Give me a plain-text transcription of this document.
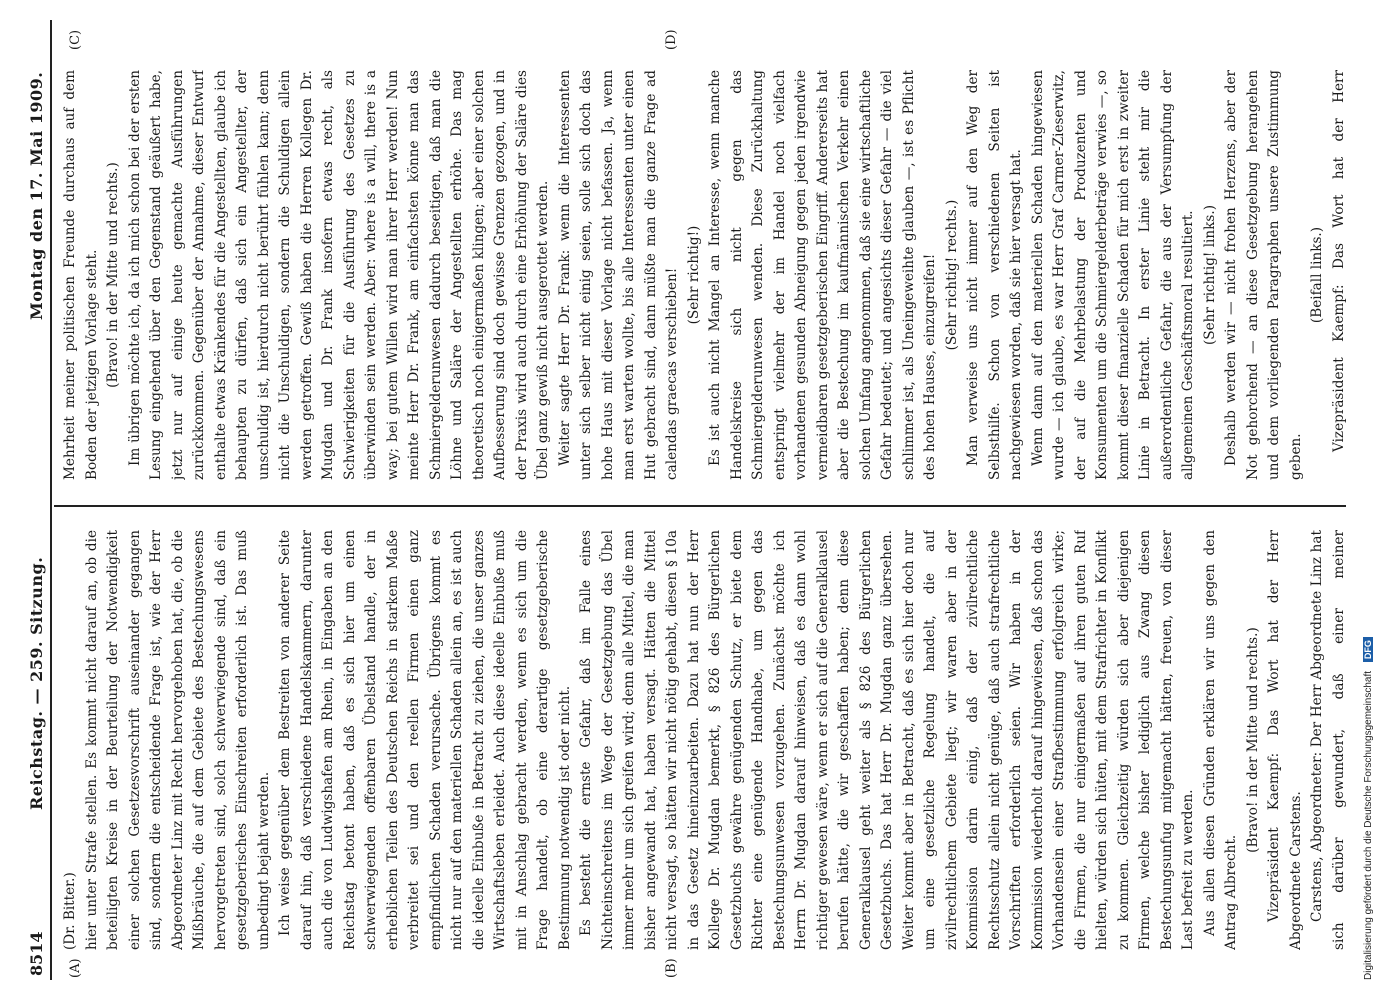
8514
Reichstag. — 259. Sitzung.
Montag den 17. Mai 1909.
(A)	(B)
(C)	(D)

(Dr. Bitter.) hier unter Strafe stellen. Es kommt nicht darauf an, ob die beteiligten Kreise in der Beurteilung der Notwendigkeit einer solchen Gesetzesvorschrift auseinander gegangen sind, sondern die entscheidende Frage ist, wie der Herr Abgeordneter Linz mit Recht hervorgehoben hat, die, ob die Mißbräuche, die auf dem Gebiete des Bestechungswesens hervorgetreten sind, solch schwerwiegende sind, daß ein gesetzgeberisches Einschreiten erforderlich ist. Das muß unbedingt bejaht werden. Ich weise gegenüber dem Bestreiten von anderer Seite darauf hin, daß verschiedene Handelskammern, darunter auch die von Ludwigshafen am Rhein, in Eingaben an den Reichstag betont haben, daß es sich hier um einen schwerwiegenden offenbaren Übelstand handle, der in erheblichen Teilen des Deutschen Reichs in starkem Maße verbreitet sei und den reellen Firmen einen ganz empfindlichen Schaden verursache. Übrigens kommt es nicht nur auf den materiellen Schaden allein an, es ist auch die ideelle Einbuße in Betracht zu ziehen, die unser ganzes Wirtschaftsleben erleidet. Auch diese ideelle Einbuße muß mit in Anschlag gebracht werden, wenn es sich um die Frage handelt, ob eine derartige gesetzgeberische Bestimmung notwendig ist oder nicht. Es besteht die ernste Gefahr, daß im Falle eines Nichteinschreitens im Wege der Gesetzgebung das Übel immer mehr um sich greifen wird; denn alle Mittel, die man bisher angewandt hat, haben versagt. Hätten die Mittel nicht versagt, so hätten wir nicht nötig gehabt, diesen § 10a in das Gesetz hineinzuarbeiten. Dazu hat nun der Herr Kollege Dr. Mugdan bemerkt, § 826 des Bürgerlichen Gesetzbuchs gewähre genügenden Schutz, er biete dem Richter eine genügende Handhabe, um gegen das Bestechungsunwesen vorzugehen. Zunächst möchte ich Herrn Dr. Mugdan darauf hinweisen, daß es dann wohl richtiger gewesen wäre, wenn er sich auf die Generalklausel berufen hätte, die wir geschaffen haben; denn diese Generalklausel geht weiter als § 826 des Bürgerlichen Gesetzbuchs. Das hat Herr Dr. Mugdan ganz übersehen. Weiter kommt aber in Betracht, daß es sich hier doch nur um eine gesetzliche Regelung handelt, die auf zivilrechtlichem Gebiete liegt; wir waren aber in der Kommission darin einig, daß der zivilrechtliche Rechtsschutz allein nicht genüge, daß auch strafrechtliche Vorschriften erforderlich seien. Wir haben in der Kommission wiederholt darauf hingewiesen, daß schon das Vorhandensein einer Strafbestimmung erfolgreich wirke; die Firmen, die nur einigermaßen auf ihren guten Ruf hielten, würden sich hüten, mit dem Strafrichter in Konflikt zu kommen. Gleichzeitig würden sich aber diejenigen Firmen, welche bisher lediglich aus Zwang diesen Bestechungsunfug mitgemacht hätten, freuen, von dieser Last befreit zu werden. Aus allen diesen Gründen erklären wir uns gegen den Antrag Albrecht.

(Bravo! in der Mitte und rechts.) Vizepräsident Kaempf: Das Wort hat der Herr Abgeordnete Carstens. Carstens, Abgeordneter: Der Herr Abgeordnete Linz hat sich darüber gewundert, daß einer meiner

Mehrheit meiner politischen Freunde durchaus auf dem Boden der jetzigen Vorlage steht. (Bravo! in der Mitte und rechts.) Im übrigen möchte ich, da ich mich schon bei der ersten Lesung eingehend über den Gegenstand geäußert habe, jetzt nur auf einige heute gemachte Ausführungen zurückkommen. Gegenüber der Annahme, dieser Entwurf enthalte etwas Kränkendes für die Angestellten, glaube ich behaupten zu dürfen, daß sich ein Angestellter, der unschuldig ist, hierdurch nicht berührt fühlen kann; denn nicht die Unschuldigen, sondern die Schuldigen allein werden getroffen. Gewiß haben die Herren Kollegen Dr. Mugdan und Dr. Frank insofern etwas recht, als Schwierigkeiten für die Ausführung des Gesetzes zu überwinden sein werden. Aber: where is a will, there is a way; bei gutem Willen wird man ihrer Herr werden! Nun meinte Herr Dr. Frank, am einfachsten könne man das Schmiergelderunwesen dadurch beseitigen, daß man die Löhne und Saläre der Angestellten erhöhe. Das mag theoretisch noch einigermaßen klingen; aber einer solchen Aufbesserung sind doch gewisse Grenzen gezogen, und in der Praxis wird auch durch eine Erhöhung der Saläre dies Übel ganz gewiß nicht ausgerottet werden. Weiter sagte Herr Dr. Frank: wenn die Interessenten unter sich selber nicht einig seien, solle sich doch das hohe Haus mit dieser Vorlage nicht befassen. Ja, wenn man erst warten wollte, bis alle Interessenten unter einen Hut gebracht sind, dann müßte man die ganze Frage ad calendas graecas verschieben! (Sehr richtig!) Es ist auch nicht Mangel an Interesse, wenn manche Handelskreise sich nicht gegen das Schmiergelderunwesen wenden. Diese Zurückhaltung entspringt vielmehr der im Handel noch vielfach vorhandenen gesunden Abneigung gegen jeden irgendwie vermeidbaren gesetzgeberischen Eingriff. Andererseits hat aber die Bestechung im kaufmännischen Verkehr einen solchen Umfang angenommen, daß sie eine wirtschaftliche Gefahr bedeutet; und angesichts dieser Gefahr — die viel schlimmer ist, als Uneingeweihte glauben —, ist es Pflicht des hohen Hauses, einzugreifen! (Sehr richtig! rechts.) Man verweise uns nicht immer auf den Weg der Selbsthilfe. Schon von verschiedenen Seiten ist nachgewiesen worden, daß sie hier versagt hat. Wenn dann auf den materiellen Schaden hingewiesen wurde — ich glaube, es war Herr Graf Carmer-Zieserwitz, der auf die Mehrbelastung der Produzenten und Konsumenten um die Schmiergelderbeträge verwies —, so kommt dieser finanzielle Schaden für mich erst in zweiter Linie in Betracht. In erster Linie steht mir die außerordentliche Gefahr, die aus der Versumpfung der allgemeinen Geschäftsmoral resultiert. (Sehr richtig! links.) Deshalb werden wir — nicht frohen Herzens, aber der Not gehorchend — an diese Gesetzgebung herangehen und dem vorliegenden Paragraphen unsere Zustimmung geben.

(Beifall links.)

Vizepräsident Kaempf: Das Wort hat der Herr

Digitalisierung gefördert durch die Deutsche Forschungsgemeinschaft DFG
